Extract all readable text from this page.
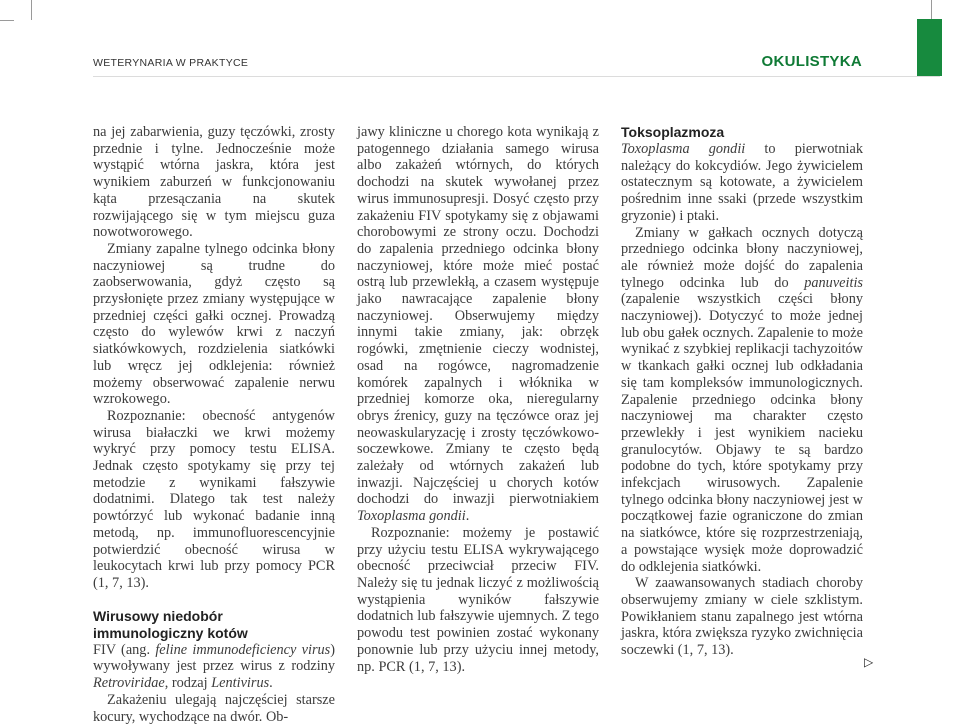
WETERYNARIA W PRAKTYCE	OKULISTYKA

na jej zabarwienia, guzy tęczówki, zrosty przednie i tylne. Jednocześnie może wystąpić wtórna jaskra, która jest wynikiem zaburzeń w funkcjonowaniu kąta przesączania na skutek rozwijającego się w tym miejscu guza nowotworowego.

Zmiany zapalne tylnego odcinka błony naczyniowej są trudne do zaobserwowania, gdyż często są przysłonięte przez zmiany występujące w przedniej części gałki ocznej. Prowadzą często do wylewów krwi z naczyń siatkówkowych, rozdzielenia siatkówki lub wręcz jej odklejenia: również możemy obserwować zapalenie nerwu wzrokowego.

Rozpoznanie: obecność antygenów wirusa białaczki we krwi możemy wykryć przy pomocy testu ELISA. Jednak często spotykamy się przy tej metodzie z wynikami fałszywie dodatnimi. Dlatego tak test należy powtórzyć lub wykonać badanie inną metodą, np. immunofluorescencyjnie potwierdzić obecność wirusa w leukocytach krwi lub przy pomocy PCR (1, 7, 13).

Wirusowy niedobór immunologiczny kotów

FIV (ang. feline immunodeficiency virus) wywoływany jest przez wirus z rodziny Retroviridae, rodzaj Lentivirus.

Zakażeniu ulegają najczęściej starsze kocury, wychodzące na dwór. Ob-

jawy kliniczne u chorego kota wynikają z patogennego działania samego wirusa albo zakażeń wtórnych, do których dochodzi na skutek wywołanej przez wirus immunosupresji. Dosyć często przy zakażeniu FIV spotykamy się z objawami chorobowymi ze strony oczu. Dochodzi do zapalenia przedniego odcinka błony naczyniowej, które może mieć postać ostrą lub przewlekłą, a czasem występuje jako nawracające zapalenie błony naczyniowej. Obserwujemy między innymi takie zmiany, jak: obrzęk rogówki, zmętnienie cieczy wodnistej, osad na rogówce, nagromadzenie komórek zapalnych i włóknika w przedniej komorze oka, nieregularny obrys źrenicy, guzy na tęczówce oraz jej neowaskularyzację i zrosty tęczówkowo-soczewkowe. Zmiany te często będą zależały od wtórnych zakażeń lub inwazji. Najczęściej u chorych kotów dochodzi do inwazji pierwotniakiem Toxoplasma gondii.

Rozpoznanie: możemy je postawić przy użyciu testu ELISA wykrywającego obecność przeciwciał przeciw FIV. Należy się tu jednak liczyć z możliwością wystąpienia wyników fałszywie dodatnich lub fałszywie ujemnych. Z tego powodu test powinien zostać wykonany ponownie lub przy użyciu innej metody, np. PCR (1, 7, 13).

Toksoplazmoza

Toxoplasma gondii to pierwotniak należący do kokcydiów. Jego żywicielem ostatecznym są kotowate, a żywicielem pośrednim inne ssaki (przede wszystkim gryzonie) i ptaki.

Zmiany w gałkach ocznych dotyczą przedniego odcinka błony naczyniowej, ale również może dojść do zapalenia tylnego odcinka lub do panuveitis (zapalenie wszystkich części błony naczyniowej). Dotyczyć to może jednej lub obu gałek ocznych. Zapalenie to może wynikać z szybkiej replikacji tachyzoitów w tkankach gałki ocznej lub odkładania się tam kompleksów immunologicznych. Zapalenie przedniego odcinka błony naczyniowej ma charakter często przewlekły i jest wynikiem nacieku granulocytów. Objawy te są bardzo podobne do tych, które spotykamy przy infekcjach wirusowych. Zapalenie tylnego odcinka błony naczyniowej jest w początkowej fazie ograniczone do zmian na siatkówce, które się rozprzestrzeniają, a powstające wysięk może doprowadzić do odklejenia siatkówki.

W zaawansowanych stadiach choroby obserwujemy zmiany w ciele szklistym. Powikłaniem stanu zapalnego jest wtórna jaskra, która zwiększa ryzyko zwichnięcia soczewki (1, 7, 13).

▷
